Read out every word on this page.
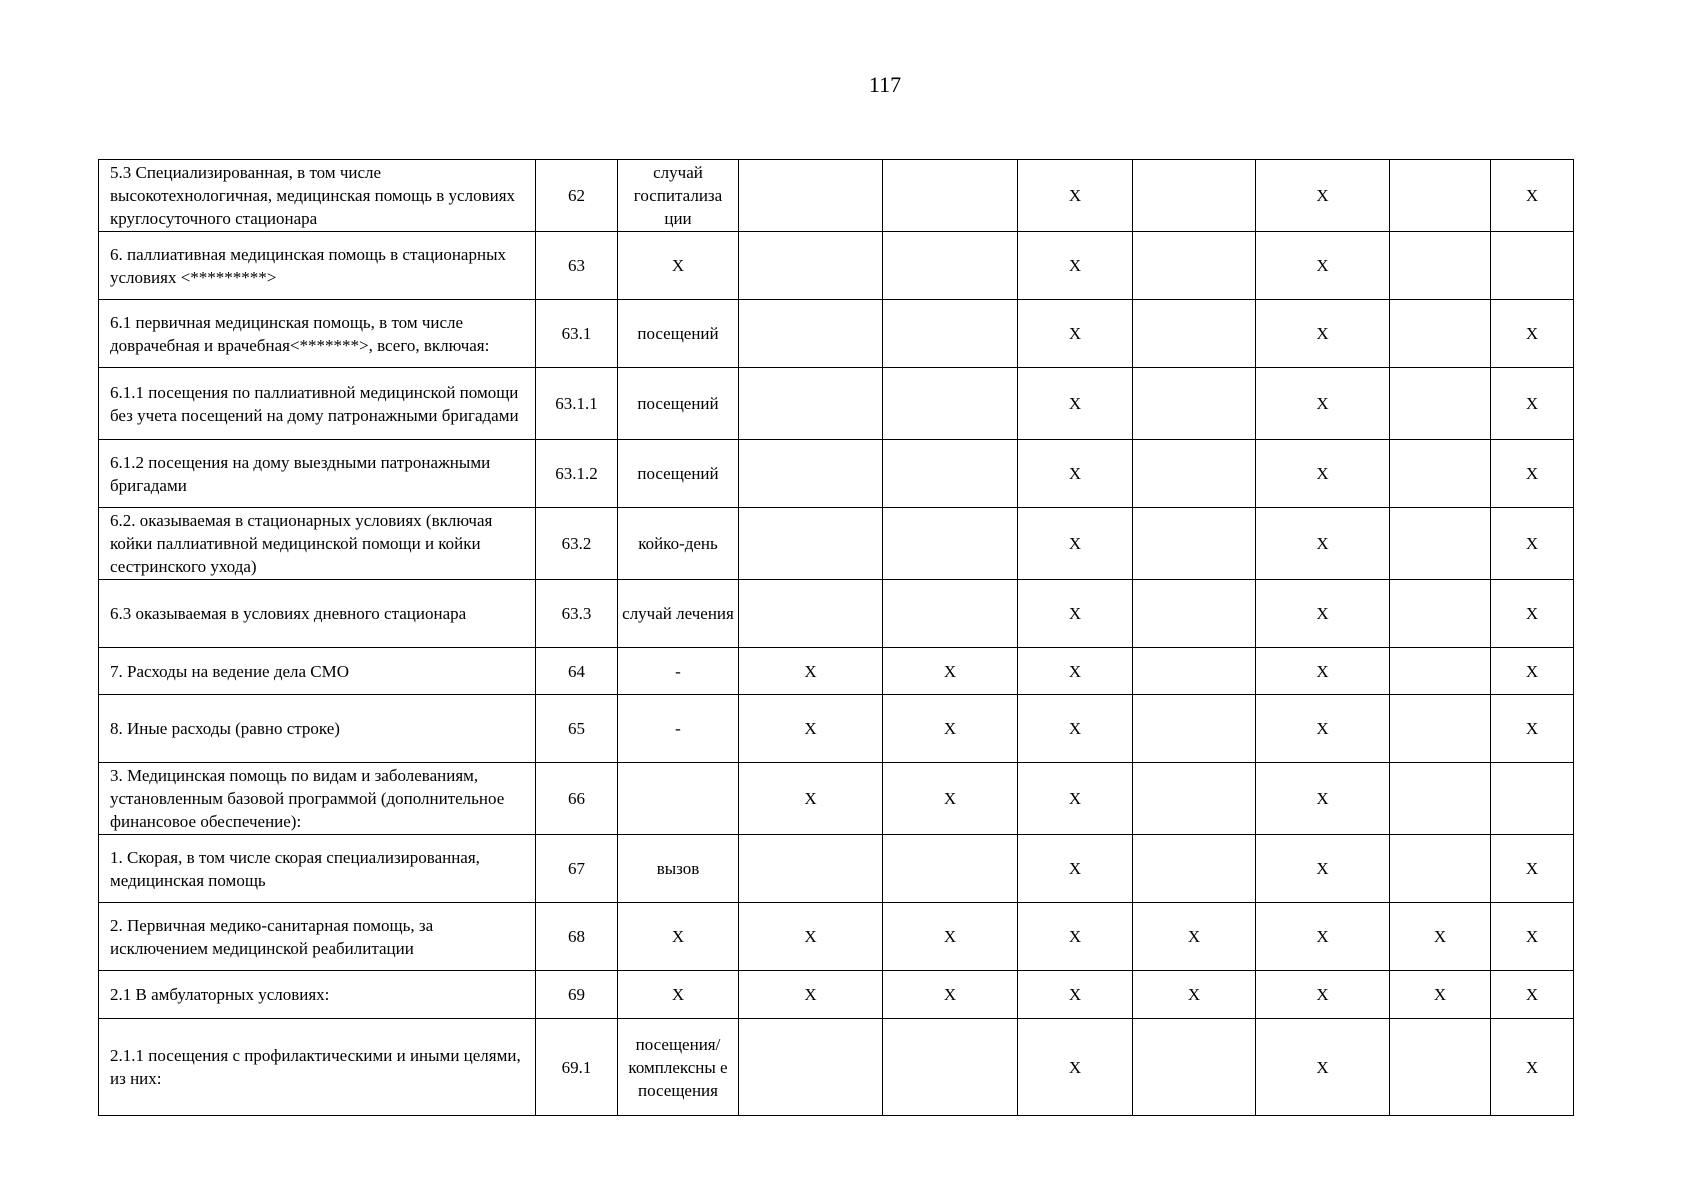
117
5.3 Специализированная, в том числе высокотехнологичная, медицинская помощь в условиях круглосуточного стационара	62	случай госпитализа ции			X		X		X
6. паллиативная медицинская помощь в стационарных условиях <*********>	63	X			X		X		
6.1 первичная медицинская помощь, в том числе доврачебная и врачебная<*******>, всего, включая:	63.1	посещений			X		X		X
6.1.1 посещения по паллиативной медицинской помощи без учета посещений на дому патронажными бригадами	63.1.1	посещений			X		X		X
6.1.2 посещения на дому выездными патронажными бригадами	63.1.2	посещений			X		X		X
6.2. оказываемая в стационарных условиях (включая койки паллиативной медицинской помощи и койки сестринского ухода)	63.2	койко-день			X		X		X
6.3 оказываемая в условиях дневного стационара	63.3	случай лечения			X		X		X
7. Расходы на ведение дела СМО	64	-	X	X	X		X		X
8. Иные расходы (равно строке)	65	-	X	X	X		X		X
3. Медицинская помощь по видам и заболеваниям, установленным базовой программой (дополнительное финансовое обеспечение):	66		X	X	X		X		
1. Скорая, в том числе скорая специализированная, медицинская помощь	67	вызов			X		X		X
2. Первичная медико-санитарная помощь, за исключением медицинской реабилитации	68	X	X	X	X	X	X	X	X
2.1 В амбулаторных условиях:	69	X	X	X	X	X	X	X	X
2.1.1 посещения с профилактическими и иными целями, из них:	69.1	посещения/ комплексны е посещения			X		X		X
